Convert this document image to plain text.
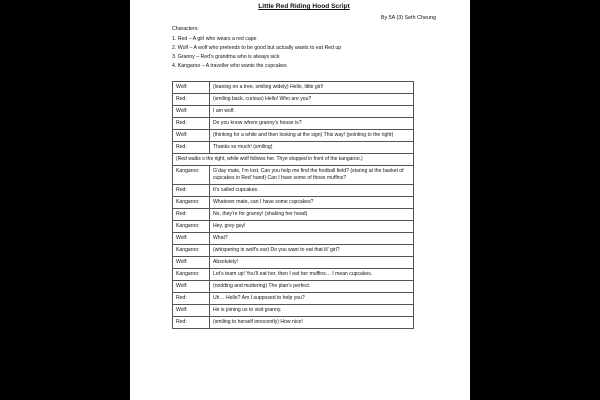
Little Red Riding Hood Script
By 5A (3) Seth Cheung
Characters:
1. Red – A girl who wears a red cape
2. Wolf – A wolf who pretends to be good but actually wants to eat Red up
3. Granny – Red’s grandma who is always sick
4. Kangaroo – A traveller who wants the cupcakes
Wolf:	(leaning on a tree, smiling widely) Hello, little girl!
Red:	(smiling back, curious) Hello! Who are you?
Wolf:	I am wolf.
Red:	Do you know where granny’s house is?
Wolf:	(thinking for a while and then looking at the sign) This way! (pointing to the right)
Red:	Thanks so much! (smiling)
(Red walks o the right, while wolf follows her. Thye stopped in front of the kangaroo.)	
Kangaroo:	G’day mate, I’m lost. Can you help me find the football field? (staring at the basket of cupcakes in Red’ hand) Can I have some of those muffins?
Red:	It’s called cupcakes.
Kangaroo:	Whatever mate, can I have some cupcakes?
Red:	No, they’re for granny! (shaking her head)
Kangaroo:	Hey, grey guy!
Wolf:	What?
Kangaroo:	(whispering in wolf’s ear) Do you want to eat that lil’ girl?
Wolf:	Absolutely!
Kangaroo:	Let’s team up! You’ll eat her, then I eat her muffins… I mean cupcakes.
Wolf:	(nodding and muttering) The plan’s perfect.
Red:	Uh… Hello? Am I supposed to help you?
Wolf:	He is joining us to visit granny.
Red:	(smiling to herself innocently) How nice!
